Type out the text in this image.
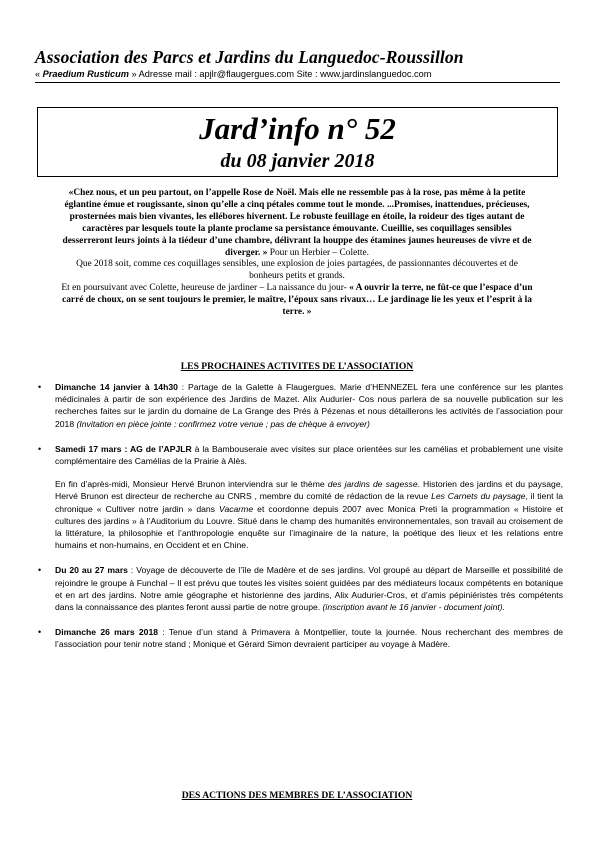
Association des Parcs et Jardins du Languedoc-Roussillon
« Praedium Rusticum » Adresse mail : apjlr@flaugergues.com Site : www.jardinslanguedoc.com
Jard’info n° 52
du 08 janvier 2018

«Chez nous, et un peu partout, on l’appelle Rose de Noël. Mais elle ne ressemble pas à la rose, pas même à la petite églantine émue et rougissante, sinon qu’elle a cinq pétales comme tout le monde. ...Promises, inattendues, précieuses, prosternées mais bien vivantes, les ellébores hivernent. Le robuste feuillage en étoile, la roideur des tiges autant de caractères par lesquels toute la plante proclame sa persistance émouvante. Cueillie, ses coquillages sensibles desserreront leurs joints à la tiédeur d’une chambre, délivrant la houppe des étamines jaunes heureuses de vivre et de diverger. » Pour un Herbier – Colette.

Que 2018 soit, comme ces coquillages sensibles, une explosion de joies partagées, de passionnantes découvertes et de bonheurs petits et grands.

Et en poursuivant avec Colette, heureuse de jardiner – La naissance du jour- « A ouvrir la terre, ne fût-ce que l’espace d’un carré de choux, on se sent toujours le premier, le maître, l’époux sans rivaux… Le jardinage lie les yeux et l’esprit à la terre. »

LES PROCHAINES ACTIVITES DE L’ASSOCIATION
• Dimanche 14 janvier à 14h30 : Partage de la Galette à Flaugergues. Marie d’HENNEZEL fera une conférence sur les plantes médicinales à partir de son expérience des Jardins de Mazet. Alix Audurier- Cos nous parlera de sa nouvelle publication sur les recherches faites sur le jardin du domaine de La Grange des Prés à Pézenas et nous détaillerons les activités de l’association pour 2018 (Invitation en pièce jointe : confirmez votre venue ; pas de chèque à envoyer)

• Samedi 17 mars : AG de l’APJLR à la Bambouseraie avec visites sur place orientées sur les camélias et probablement une visite complémentaire des Camélias de la Prairie à Alès.

En fin d’après-midi, Monsieur Hervé Brunon interviendra sur le thème des jardins de sagesse. Historien des jardins et du paysage, Hervé Brunon est directeur de recherche au CNRS , membre du comité de rédaction de la revue Les Carnets du paysage, il tient la chronique « Cultiver notre jardin » dans Vacarme et coordonne depuis 2007 avec Monica Preti la programmation « Histoire et cultures des jardins » à l’Auditorium du Louvre. Situé dans le champ des humanités environnementales, son travail au croisement de la littérature, la philosophie et l’anthropologie enquête sur l’imaginaire de la nature, la poétique des lieux et les relations entre humains et non-humains, en Occident et en Chine.

• Du 20 au 27 mars : Voyage de découverte de l’île de Madère et de ses jardins. Vol groupé au départ de Marseille et possibilité de rejoindre le groupe à Funchal – Il est prévu que toutes les visites soient guidées par des médiateurs locaux compétents en botanique et en art des jardins. Notre amie géographe et historienne des jardins, Alix Audurier-Cros, et d’amis pépiniéristes très compétents dans la connaissance des plantes feront aussi partie de notre groupe. (inscription avant le 16 janvier - document joint).

• Dimanche 26 mars 2018 : Tenue d’un stand à Primavera à Montpellier, toute la journée. Nous recherchant des membres de l’association pour tenir notre stand ; Monique et Gérard Simon devraient participer au voyage à Madère.

DES ACTIONS DES MEMBRES DE L’ASSOCIATION
